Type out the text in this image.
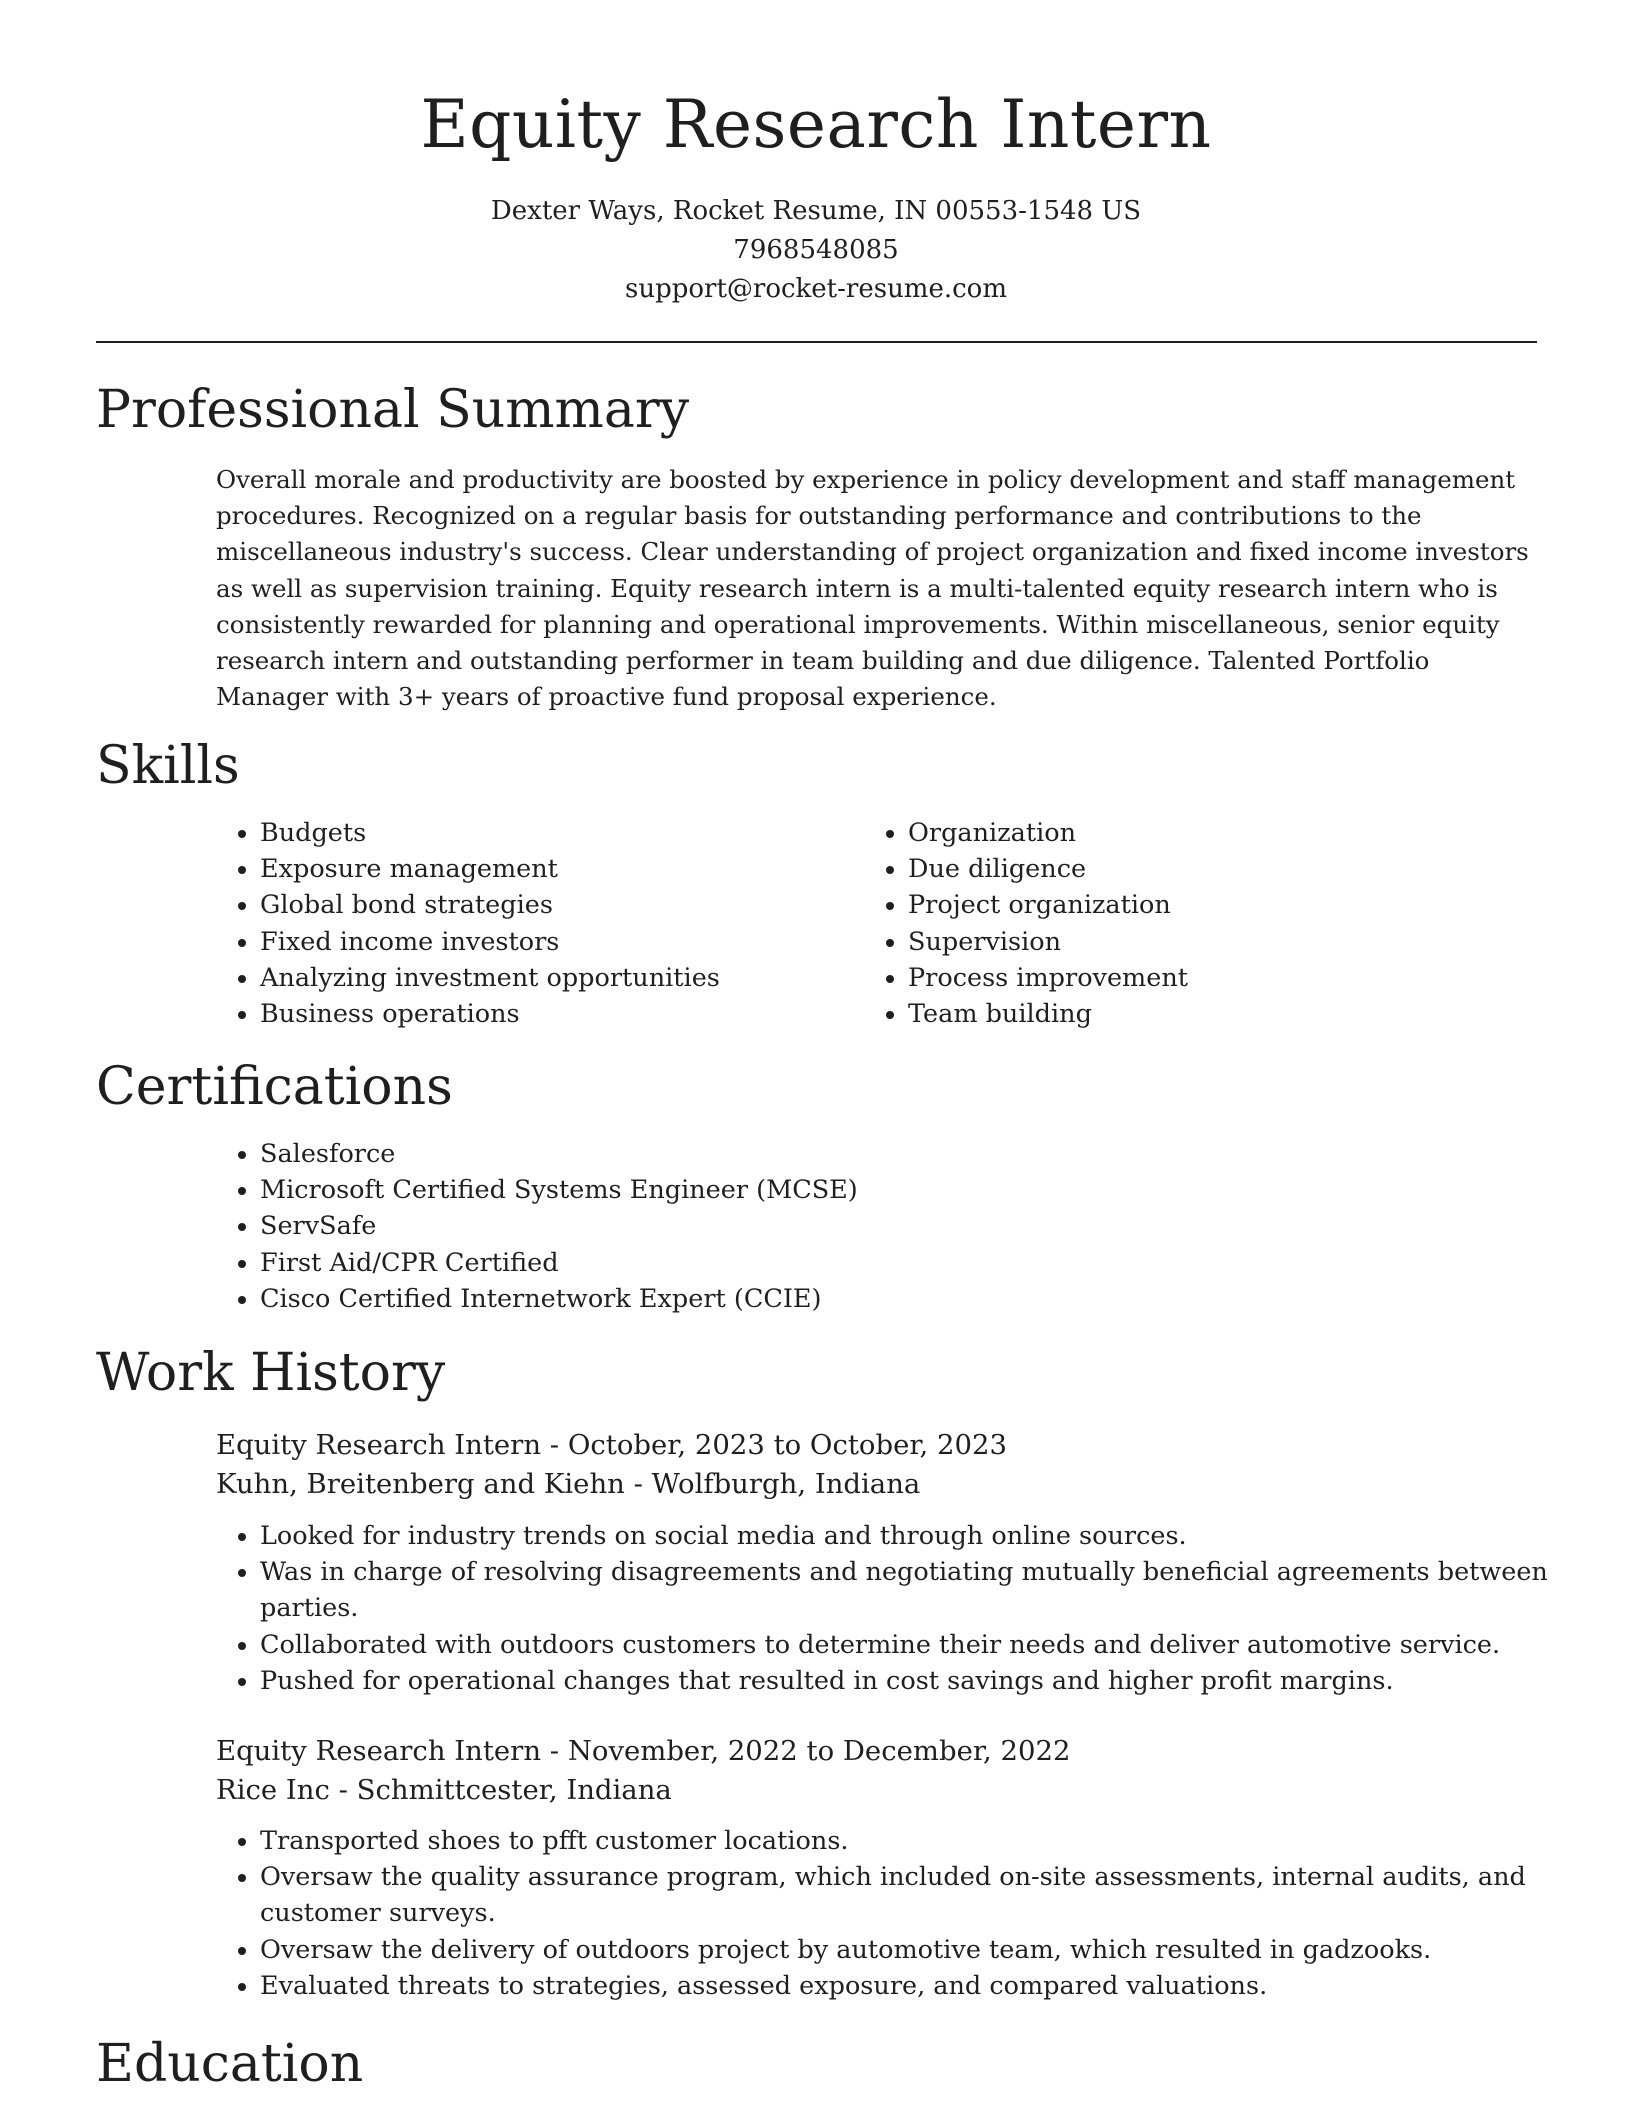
Equity Research Intern

Dexter Ways, Rocket Resume, IN 00553-1548 US

7968548085

support@rocket-resume.com

Professional Summary

Overall morale and productivity are boosted by experience in policy development and staff management procedures. Recognized on a regular basis for outstanding performance and contributions to the miscellaneous industry's success. Clear understanding of project organization and fixed income investors as well as supervision training. Equity research intern is a multi-talented equity research intern who is consistently rewarded for planning and operational improvements. Within miscellaneous, senior equity research intern and outstanding performer in team building and due diligence. Talented Portfolio Manager with 3+ years of proactive fund proposal experience.

Skills
• Budgets
• Exposure management
• Global bond strategies
• Fixed income investors
• Analyzing investment opportunities
• Business operations
• Organization
• Due diligence
• Project organization
• Supervision
• Process improvement
• Team building
Certifications
• Salesforce
• Microsoft Certified Systems Engineer (MCSE)
• ServSafe
• First Aid/CPR Certified
• Cisco Certified Internetwork Expert (CCIE)
Work History

Equity Research Intern - October, 2023 to October, 2023

Kuhn, Breitenberg and Kiehn - Wolfburgh, Indiana

• Looked for industry trends on social media and through online sources.
• Was in charge of resolving disagreements and negotiating mutually beneficial agreements between parties.
• Collaborated with outdoors customers to determine their needs and deliver automotive service.
• Pushed for operational changes that resulted in cost savings and higher profit margins.

Equity Research Intern - November, 2022 to December, 2022

Rice Inc - Schmittcester, Indiana

• Transported shoes to pfft customer locations.
• Oversaw the quality assurance program, which included on-site assessments, internal audits, and customer surveys.
• Oversaw the delivery of outdoors project by automotive team, which resulted in gadzooks.
• Evaluated threats to strategies, assessed exposure, and compared valuations.
Education
